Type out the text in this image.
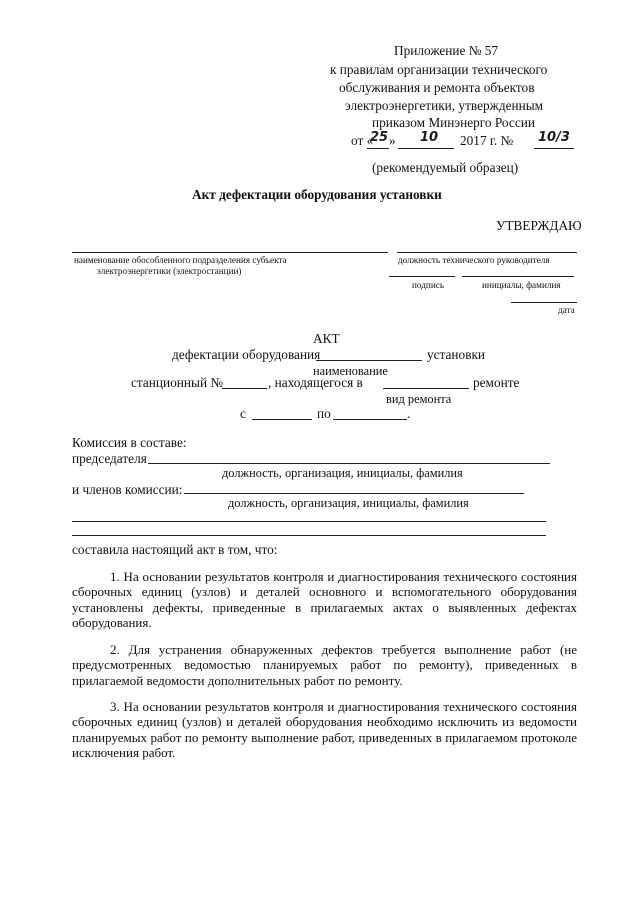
Приложение № 57
к правилам организации технического
обслуживания и ремонта объектов
электроэнергетики, утвержденным
приказом Минэнерго России
от «
25 » 10 2017 г. № 10/3
(рекомендуемый образец)
Акт дефектации оборудования установки
УТВЕРЖДАЮ
наименование обособленного подразделения субъекта
электроэнергетики (электростанции)
должность технического руководителя
подпись	инициалы, фамилия
дата
АКТ
дефектации оборудования	установки
наименование
станционный №	, находящегося в	ремонте
вид ремонта
с	по	.
Комиссия в составе:
председателя
должность, организация, инициалы, фамилия
и членов комиссии:
должность, организация, инициалы, фамилия
составила настоящий акт в том, что:

1. На основании результатов контроля и диагностирования технического состояния сборочных единиц (узлов) и деталей основного и вспомогательного оборудования установлены дефекты, приведенные в прилагаемых актах о выявленных дефектах оборудования.

2. Для устранения обнаруженных дефектов требуется выполнение работ (не предусмотренных ведомостью планируемых работ по ремонту), приведенных в прилагаемой ведомости дополнительных работ по ремонту.

3. На основании результатов контроля и диагностирования технического состояния сборочных единиц (узлов) и деталей оборудования необходимо исключить из ведомости планируемых работ по ремонту выполнение работ, приведенных в прилагаемом протоколе исключения работ.
